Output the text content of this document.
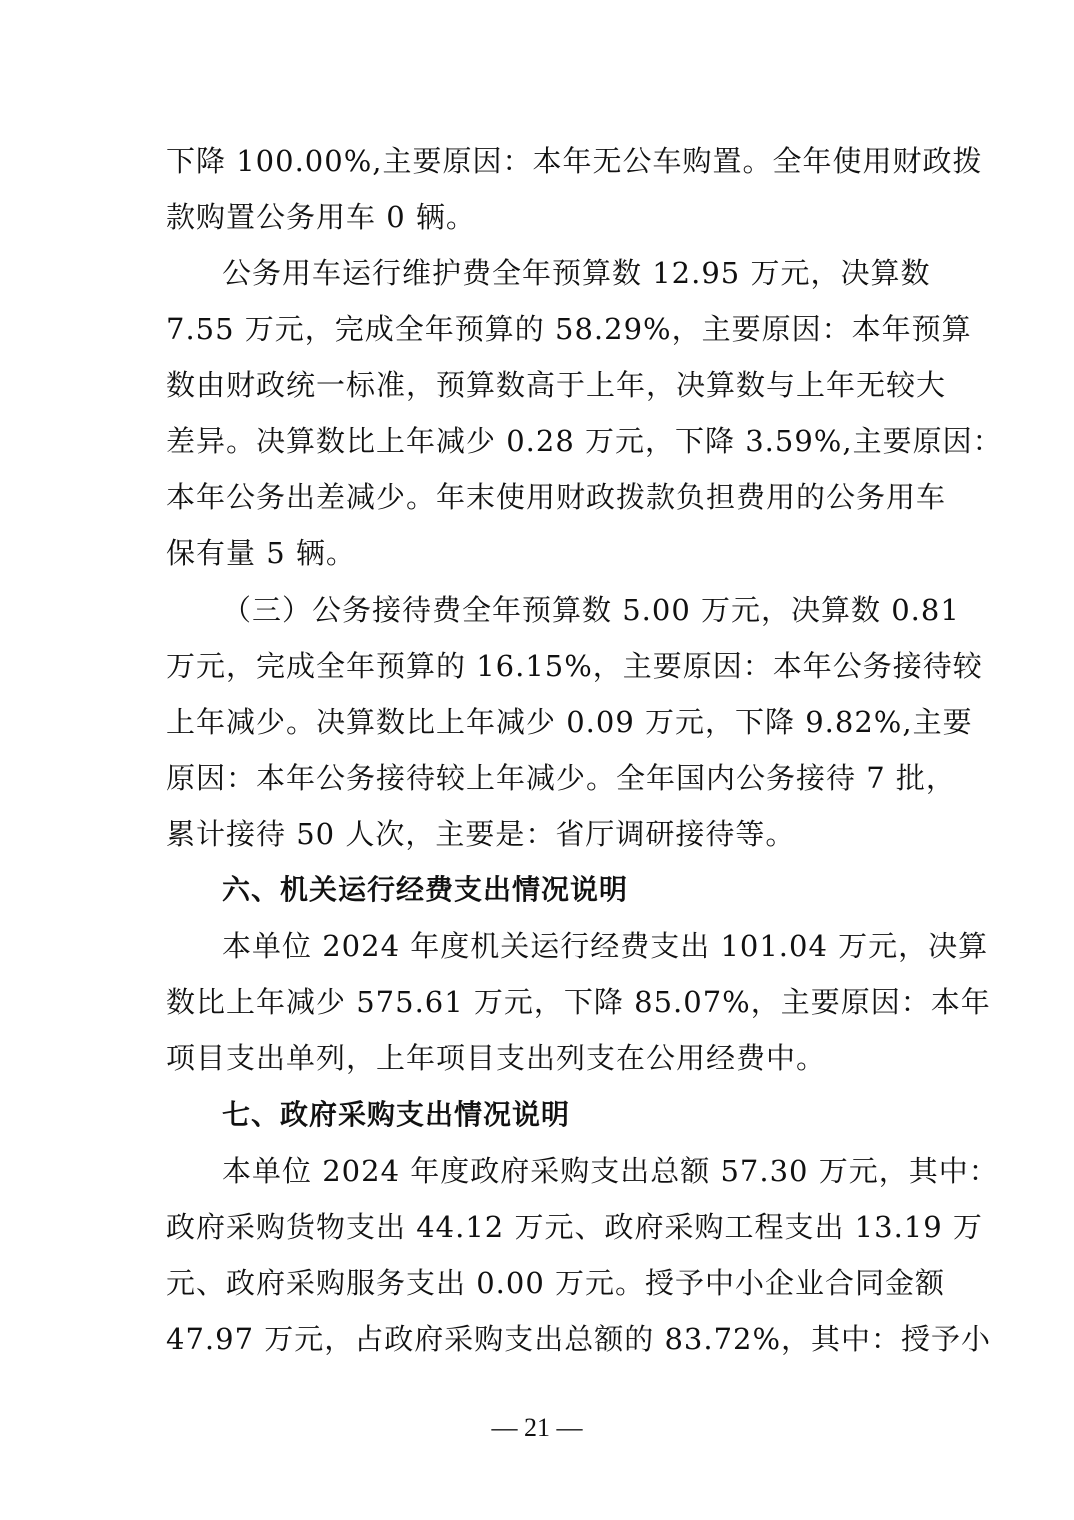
下降 100.00%,主要原因：本年无公车购置。全年使用财政拨
款购置公务用车 0 辆。
公务用车运行维护费全年预算数 12.95 万元，决算数
7.55 万元，完成全年预算的 58.29%，主要原因：本年预算
数由财政统一标准，预算数高于上年，决算数与上年无较大
差异。决算数比上年减少 0.28 万元，下降 3.59%,主要原因：
本年公务出差减少。年末使用财政拨款负担费用的公务用车
保有量 5 辆。
（三）公务接待费全年预算数 5.00 万元，决算数 0.81
万元，完成全年预算的 16.15%，主要原因：本年公务接待较
上年减少。决算数比上年减少 0.09 万元，下降 9.82%,主要
原因：本年公务接待较上年减少。全年国内公务接待 7 批，
累计接待 50 人次，主要是：省厅调研接待等。
六、机关运行经费支出情况说明
本单位 2024 年度机关运行经费支出 101.04 万元，决算
数比上年减少 575.61 万元，下降 85.07%，主要原因：本年
项目支出单列，上年项目支出列支在公用经费中。
七、政府采购支出情况说明
本单位 2024 年度政府采购支出总额 57.30 万元，其中：
政府采购货物支出 44.12 万元、政府采购工程支出 13.19 万
元、政府采购服务支出 0.00 万元。授予中小企业合同金额
47.97 万元，占政府采购支出总额的 83.72%，其中：授予小
— 21 —
